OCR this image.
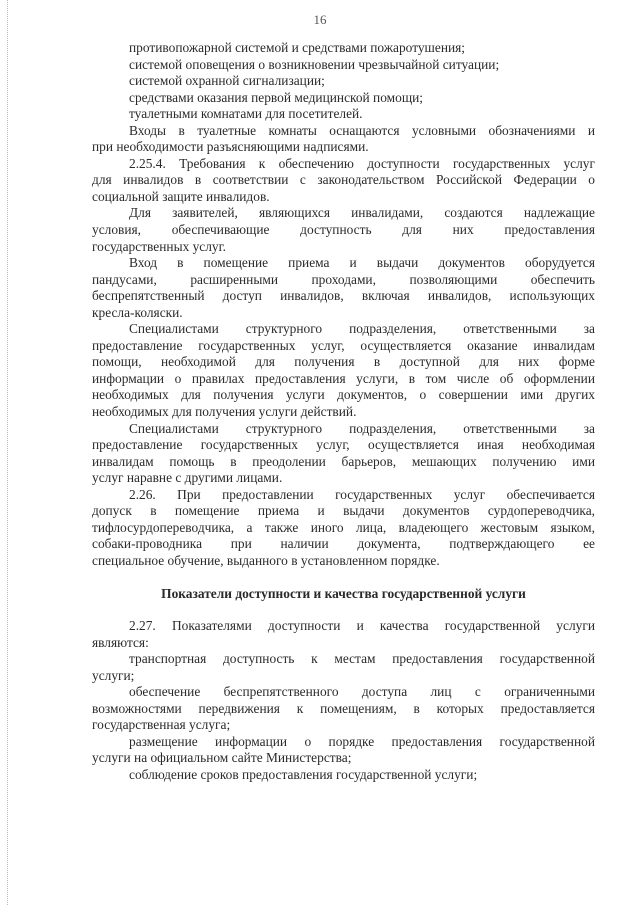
16
противопожарной системой и средствами пожаротушения;
системой оповещения о возникновении чрезвычайной ситуации;
системой охранной сигнализации;
средствами оказания первой медицинской помощи;
туалетными комнатами для посетителей.
Входы в туалетные комнаты оснащаются условными обозначениями и
при необходимости разъясняющими надписями.
2.25.4. Требования к обеспечению доступности государственных услуг
для инвалидов в соответствии с законодательством Российской Федерации о
социальной защите инвалидов.
Для заявителей, являющихся инвалидами, создаются надлежащие
условия, обеспечивающие доступность для них предоставления
государственных услуг.
Вход в помещение приема и выдачи документов оборудуется
пандусами, расширенными проходами, позволяющими обеспечить
беспрепятственный доступ инвалидов, включая инвалидов, использующих
кресла-коляски.
Специалистами структурного подразделения, ответственными за
предоставление государственных услуг, осуществляется оказание инвалидам
помощи, необходимой для получения в доступной для них форме
информации о правилах предоставления услуги, в том числе об оформлении
необходимых для получения услуги документов, о совершении ими других
необходимых для получения услуги действий.
Специалистами структурного подразделения, ответственными за
предоставление государственных услуг, осуществляется иная необходимая
инвалидам помощь в преодолении барьеров, мешающих получению ими
услуг наравне с другими лицами.
2.26. При предоставлении государственных услуг обеспечивается
допуск в помещение приема и выдачи документов сурдопереводчика,
тифлосурдопереводчика, а также иного лица, владеющего жестовым языком,
собаки-проводника при наличии документа, подтверждающего ее
специальное обучение, выданного в установленном порядке.
Показатели доступности и качества государственной услуги
2.27. Показателями доступности и качества государственной услуги
являются:
транспортная доступность к местам предоставления государственной
услуги;
обеспечение беспрепятственного доступа лиц с ограниченными
возможностями передвижения к помещениям, в которых предоставляется
государственная услуга;
размещение информации о порядке предоставления государственной
услуги на официальном сайте Министерства;
соблюдение сроков предоставления государственной услуги;
